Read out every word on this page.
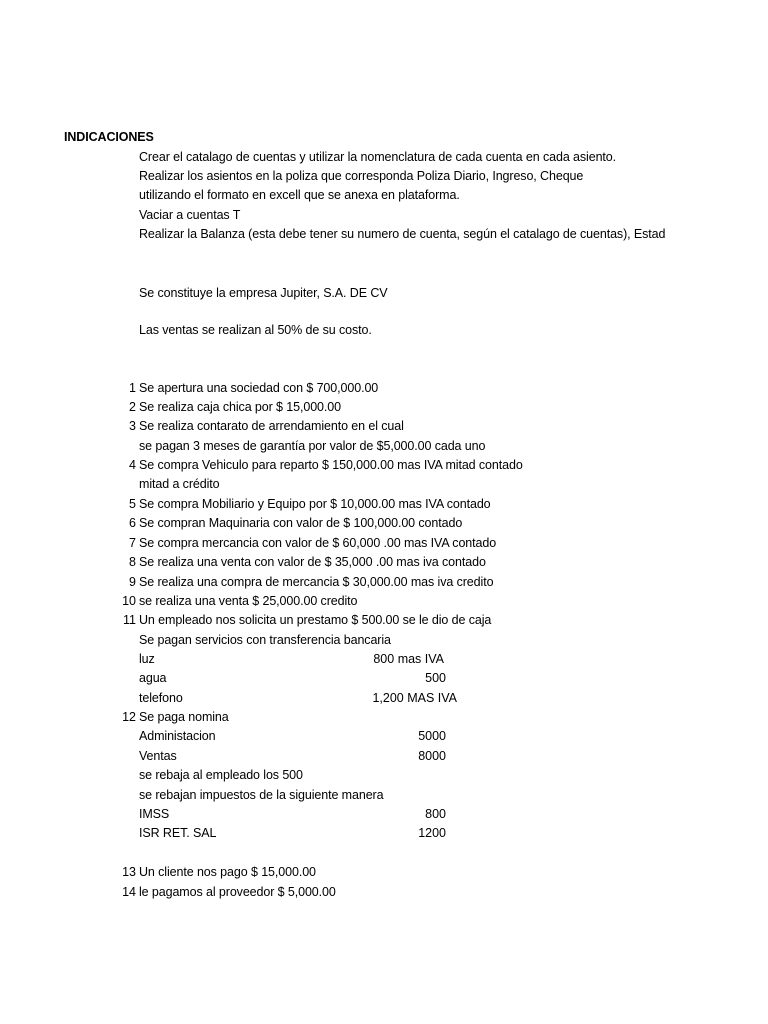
INDICACIONES
Crear el catalago de cuentas y utilizar la nomenclatura de cada cuenta en cada asiento.
Realizar los asientos en la poliza que corresponda Poliza Diario, Ingreso, Cheque
utilizando el formato en excell que se anexa en plataforma.
Vaciar a cuentas T
Realizar la Balanza (esta debe tener su numero de cuenta, según el catalago de cuentas), Estad
Se constituye la empresa Jupiter, S.A. DE CV
Las ventas se realizan al 50% de su costo.
1 Se apertura una sociedad con $ 700,000.00
2 Se realiza caja chica por $ 15,000.00
3 Se realiza contarato de arrendamiento en el cual
se pagan 3 meses de garantía por valor de $5,000.00 cada uno
4 Se compra Vehiculo para reparto $ 150,000.00 mas IVA mitad contado
mitad a crédito
5 Se compra Mobiliario y Equipo por $ 10,000.00 mas IVA contado
6 Se compran Maquinaria con valor de $ 100,000.00 contado
7 Se compra mercancia con valor de $ 60,000 .00 mas IVA contado
8 Se realiza una venta con valor de $ 35,000 .00 mas iva contado
9 Se realiza una compra de mercancia $ 30,000.00 mas iva credito
10 se realiza una venta $ 25,000.00 credito
11 Un empleado nos solicita un prestamo $ 500.00 se le dio de caja
Se pagan servicios con transferencia bancaria
luz	800 mas IVA
agua	500
telefono	1,200 MAS IVA
12 Se paga nomina
Administacion	5000
Ventas	8000
se rebaja al empleado los 500
se rebajan impuestos de la siguiente manera
IMSS	800
ISR RET. SAL	1200
13 Un cliente nos pago $ 15,000.00
14 le pagamos al proveedor $ 5,000.00
